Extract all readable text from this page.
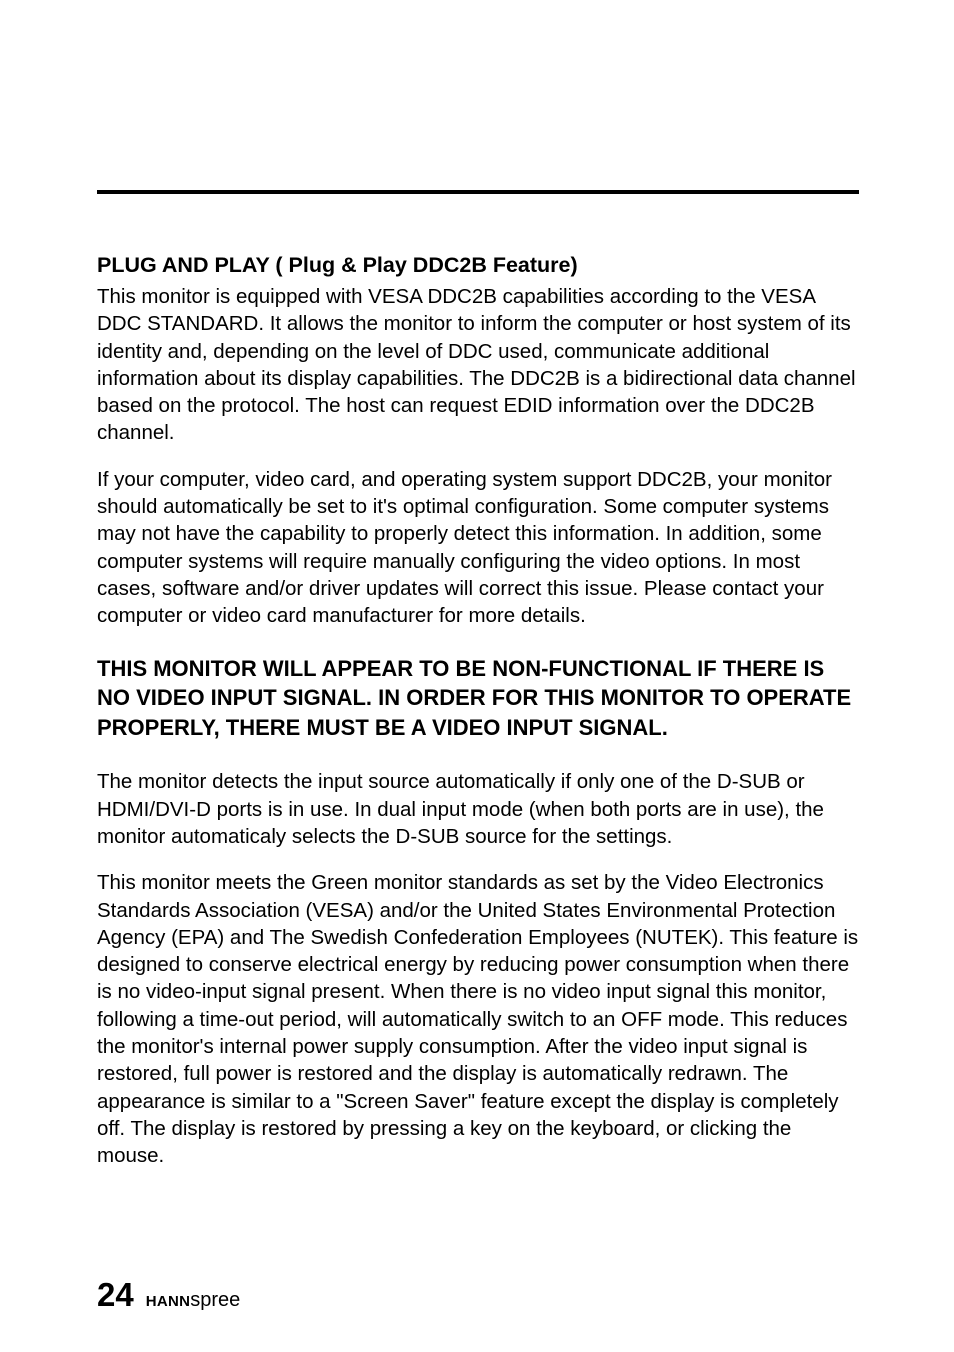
PLUG AND PLAY ( Plug & Play DDC2B Feature)

This monitor is equipped with VESA DDC2B capabilities according to the VESA DDC STANDARD. It allows the monitor to inform the computer or host system of its identity and, depending on the level of DDC used, communicate additional information about its display capabilities. The DDC2B is a bidirectional data channel based on the protocol. The host can request EDID information over the DDC2B channel.

If your computer, video card, and operating system support DDC2B, your monitor should automatically be set to it's optimal configuration. Some computer systems may not have the capability to properly detect this information. In addition, some computer systems will require manually configuring the video options. In most cases, software and/or driver updates will correct this issue. Please contact your computer or video card manufacturer for more details.

THIS MONITOR WILL APPEAR TO BE NON-FUNCTIONAL IF THERE IS NO VIDEO INPUT SIGNAL. IN ORDER FOR THIS MONITOR TO OPERATE PROPERLY, THERE MUST BE A VIDEO INPUT SIGNAL.

The monitor detects the input source automatically if only one of the D-SUB or HDMI/DVI-D ports is in use. In dual input mode (when both ports are in use), the monitor automaticaly selects the D-SUB source for the settings.

This monitor meets the Green monitor standards as set by the Video Electronics Standards Association (VESA) and/or the United States Environmental Protection Agency (EPA) and The Swedish Confederation Employees (NUTEK). This feature is designed to conserve electrical energy by reducing power consumption when there is no video-input signal present. When there is no video input signal this monitor, following a time-out period, will automatically switch to an OFF mode. This reduces the monitor's internal power supply consumption. After the video input signal is restored, full power is restored and the display is automatically redrawn. The appearance is similar to a "Screen Saver" feature except the display is completely off. The display is restored by pressing a key on the keyboard, or clicking the mouse.

24 HANN spree
